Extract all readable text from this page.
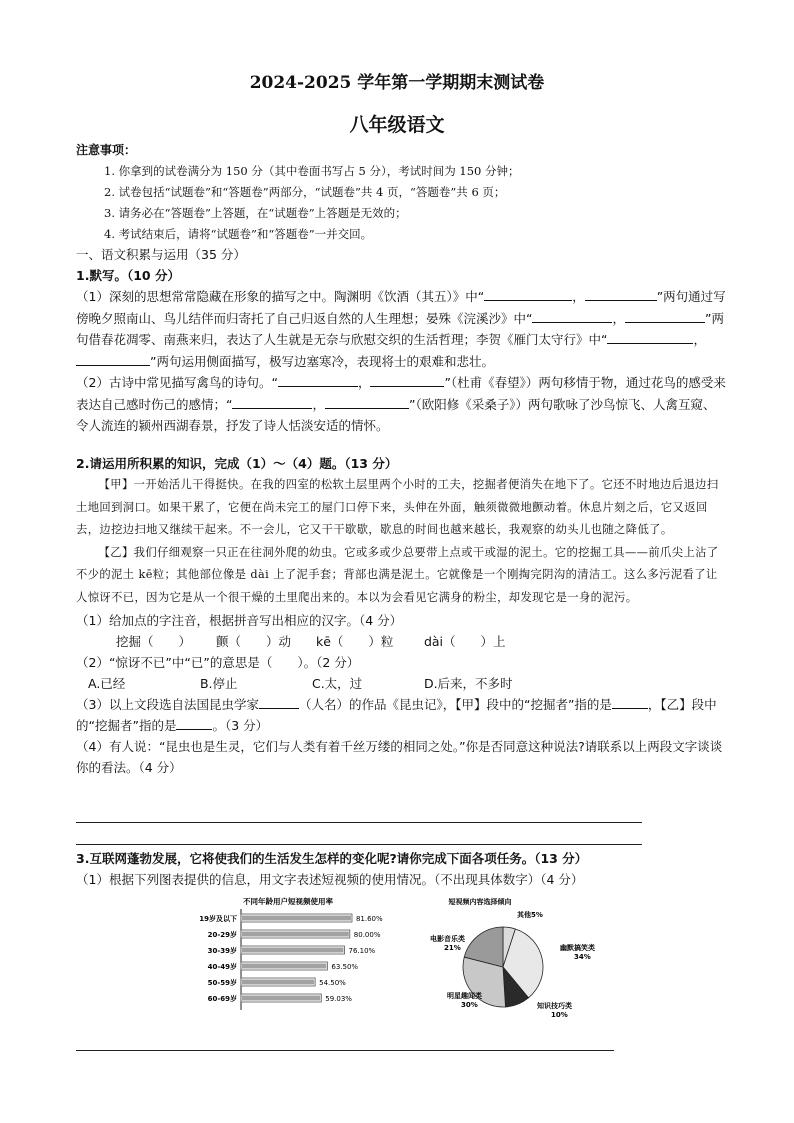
2024-2025 学年第一学期期末测试卷
八年级语文
注意事项：

1. 你拿到的试卷满分为 150 分（其中卷面书写占 5 分），考试时间为 150 分钟；

2. 试卷包括“试题卷”和“答题卷”两部分，“试题卷”共 4 页，“答题卷”共 6 页；

3. 请务必在“答题卷”上答题，在“试题卷”上答题是无效的；

4. 考试结束后，请将“试题卷”和“答题卷”一并交回。

一、语文积累与运用（35 分）

1.默写。（10 分）

（1）深刻的思想常常隐藏在形象的描写之中。陶渊明《饮酒（其五）》中“	，	”两句通过写傍晚夕照南山、鸟儿结伴而归寄托了自己归返自然的人生理想；晏殊《浣溪沙》中“	，	”两句借春花凋零、南燕来归，表达了人生就是无奈与欣慰交织的生活哲理；李贺《雁门太守行》中“	，”两句运用侧面描写，极写边塞寒冷，表现将士的艰难和悲壮。

（2）古诗中常见描写禽鸟的诗句。“	，	”（杜甫《春望》）两句移情于物，通过花鸟的感受来表达自己感时伤己的感情；“	，	”（欧阳修《采桑子》）两句歌咏了沙鸟惊飞、人禽互窥、令人流连的颍州西湖春景，抒发了诗人恬淡安适的情怀。

2.请运用所积累的知识，完成（1）～（4）题。（13 分）

【甲】一开始活儿干得挺快。在我的四室的松软土层里两个小时的工夫，挖掘者便消失在地下了。它还不时地边后退边扫土地回到洞口。如果干累了，它便在尚未完工的屋门口停下来，头伸在外面，触须微微地颤动着。休息片刻之后，它又返回去，边挖边扫地又继续干起来。不一会儿，它又干干歇歇，歇息的时间也越来越长，我观察的幼头儿也随之降低了。

【乙】我们仔细观察一只正在往洞外爬的幼虫。它或多或少总要带上点或干或湿的泥土。它的挖掘工具——前爪尖上沾了不少的泥土 kē粒；其他部位像是 dài 上了泥手套；背部也满是泥土。它就像是一个刚掏完阴沟的清洁工。这么多污泥看了让人惊讶不已，因为它是从一个很干燥的土里爬出来的。本以为会看见它满身的粉尘，却发现它是一身的泥污。

（1）给加点的字注音，根据拼音写出相应的汉字。（4 分）

挖掘（　　） 颤（　　）动 kē（　　）粒 dài（　　）上

（2）“惊讶不已”中“已”的意思是（　　）。（2 分）

A.已经	B.停止	C.太，过	D.后来，不多时

（3）以上文段选自法国昆虫学家	（人名）的作品《昆虫记》，【甲】段中的“挖掘者”指的是	，【乙】段中的“挖掘者”指的是	。（3 分）

（4）有人说：“昆虫也是生灵，它们与人类有着千丝万缕的相同之处。”你是否同意这种说法?请联系以上两段文字谈谈你的看法。（4 分）

3.互联网蓬勃发展，它将使我们的生活发生怎样的变化呢?请你完成下面各项任务。（13 分）

（1）根据下列图表提供的信息，用文字表述短视频的使用情况。（不出现具体数字）（4 分）

不同年龄用户短视频使用率
19岁及以下	81.60%
20-29岁	80.00%
30-39岁	76.10%
40-49岁	63.50%
50-59岁	54.50%
60-69岁	59.03%
短视频内容选择倾向
其他5%
幽默搞笑类 34%
知识技巧类 10%
明星趣闻类 30%
电影音乐类 21%
